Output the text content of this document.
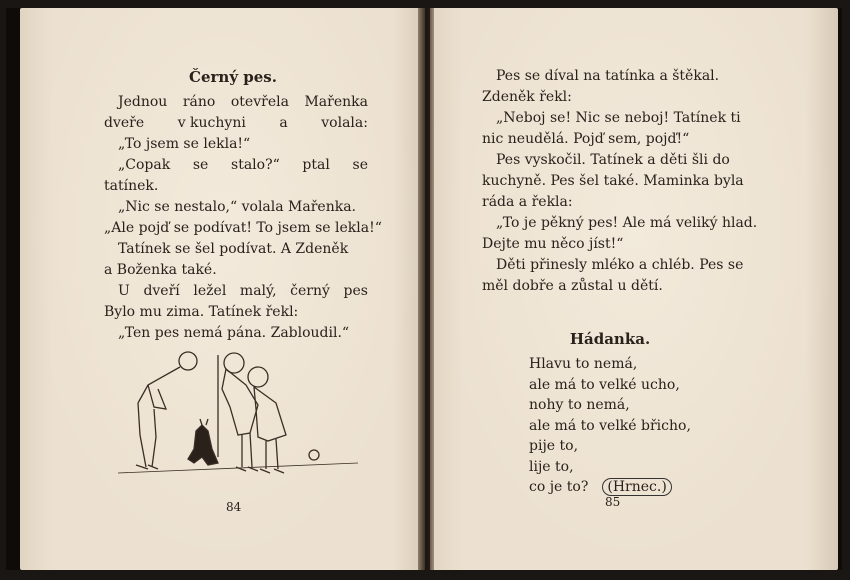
Černý pes.
Jednou ráno otevřela Mařenka
dveře v kuchyni a volala:
„To jsem se lekla!“
„Copak se stalo?“ ptal se
tatínek.
„Nic se nestalo,“ volala Mařenka.
„Ale pojď se podívat! To jsem se lekla!“
Tatínek se šel podívat. A Zdeněk
a Boženka také.
U dveří ležel malý, černý pes
Bylo mu zima. Tatínek řekl:
„Ten pes nemá pána. Zabloudil.“
84
Pes se díval na tatínka a štěkal.
Zdeněk řekl:
„Neboj se! Nic se neboj! Tatínek ti
nic neudělá. Pojď sem, pojď!“
Pes vyskočil. Tatínek a děti šli do
kuchyně. Pes šel také. Maminka byla
ráda a řekla:
„To je pěkný pes! Ale má veliký hlad.
Dejte mu něco jíst!“
Děti přinesly mléko a chléb. Pes se
měl dobře a zůstal u dětí.
Hádanka.
Hlavu to nemá,
ale má to velké ucho,
nohy to nemá,
ale má to velké břicho,
pije to,
lije to,
co je to? (Hrnec.)
85
